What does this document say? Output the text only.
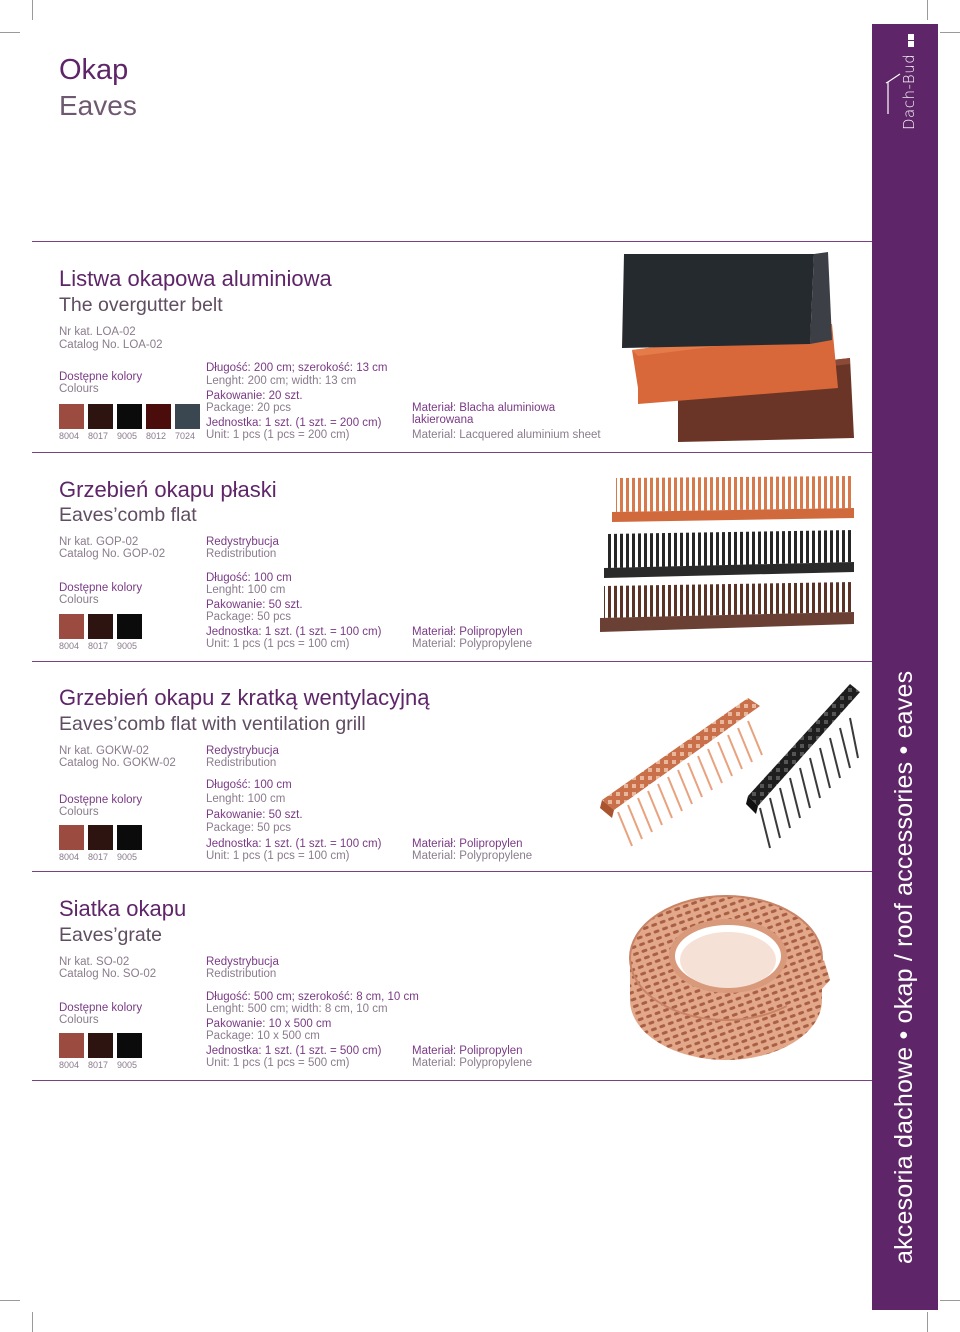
Dach-Bud
akcesoria dachowe • okap / roof accessories • eaves
Okap
Eaves
Listwa okapowa aluminiowa
The overgutter belt
Nr kat. LOA-02
Catalog No. LOA-02
Dostępne kolory
Colours
8004 8017 9005 8012 7024
Długość: 200 cm; szerokość: 13 cm
Lenght: 200 cm; width: 13 cm
Pakowanie: 20 szt.
Package: 20 pcs
Jednostka: 1 szt. (1 szt. = 200 cm)
Unit: 1 pcs (1 pcs = 200 cm)
Materiał: Blacha aluminiowa
lakierowana
Material: Lacquered aluminium sheet
Grzebień okapu płaski
Eaves’comb flat
Nr kat. GOP-02
Catalog No. GOP-02
Dostępne kolory
Colours
8004 8017 9005
Redystrybucja
Redistribution
Długość: 100 cm
Lenght: 100 cm
Pakowanie: 50 szt.
Package: 50 pcs
Jednostka: 1 szt. (1 szt. = 100 cm)
Unit: 1 pcs (1 pcs = 100 cm)
Materiał: Polipropylen
Material: Polypropylene
Grzebień okapu z kratką wentylacyjną
Eaves’comb flat with ventilation grill
Nr kat. GOKW-02
Catalog No. GOKW-02
Dostępne kolory
Colours
8004 8017 9005
Redystrybucja
Redistribution
Długość: 100 cm
Lenght: 100 cm
Pakowanie: 50 szt.
Package: 50 pcs
Jednostka: 1 szt. (1 szt. = 100 cm)
Unit: 1 pcs (1 pcs = 100 cm)
Materiał: Polipropylen
Material: Polypropylene
Siatka okapu
Eaves’grate
Nr kat. SO-02
Catalog No. SO-02
Dostępne kolory
Colours
8004 8017 9005
Redystrybucja
Redistribution
Długość: 500 cm; szerokość: 8 cm, 10 cm
Lenght: 500 cm; width: 8 cm, 10 cm
Pakowanie: 10 x 500 cm
Package: 10 x 500 cm
Jednostka: 1 szt. (1 szt. = 500 cm)
Unit: 1 pcs (1 pcs = 500 cm)
Materiał: Polipropylen
Material: Polypropylene
